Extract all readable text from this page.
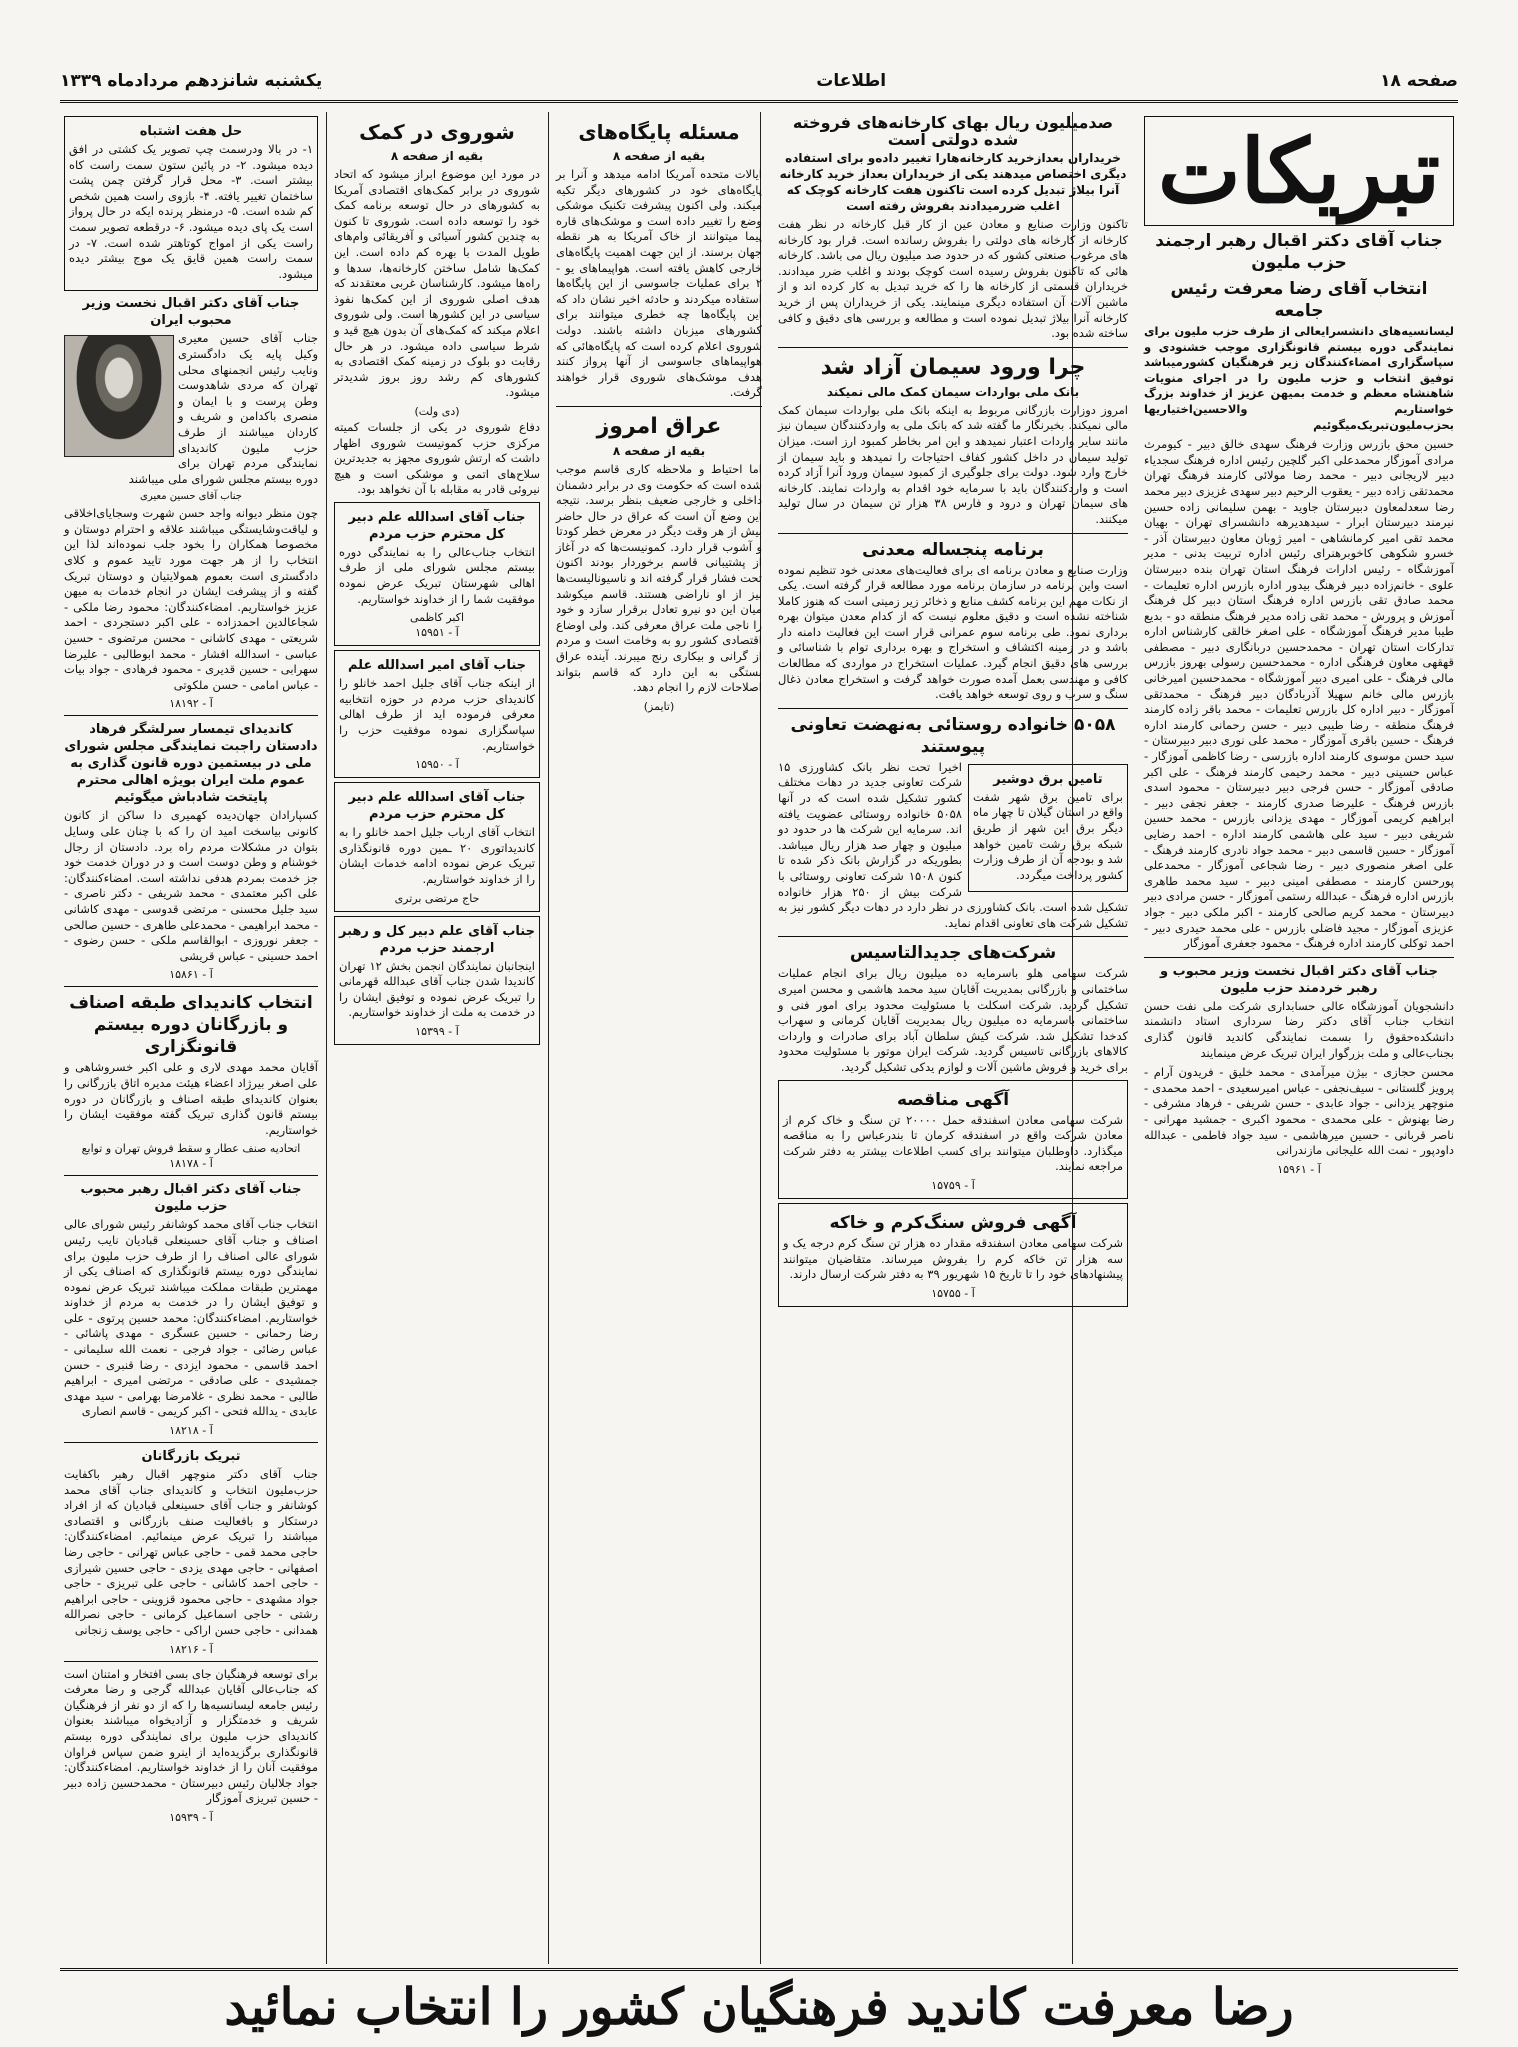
صفحه ۱۸
اطلاعات
یکشنبه شانزدهم مردادماه ۱۳۳۹
تبریکات

جناب آقای دکتر اقبال رهبر ارجمند حزب ملیون

انتخاب آقای رضا معرفت رئیس جامعه

لیسانسیه‌های دانشسرایعالی از طرف حزب ملیون برای نمایندگی دوره بیستم قانونگزاری موجب خشنودی و سپاسگزاری امضاءکنندگان زیر فرهنگیان کشورمیباشد توفیق انتخاب و حزب ملیون را در اجرای منویات شاهنشاه معظم و خدمت بمیهن عزیز از خداوند بزرگ خواستاریم والاحسین‌اختیاریها بحزب‌ملیون‌تبریک‌میگوئیم

حسین محق بازرس وزارت فرهنگ سهدی خالق دبیر - کیومرث مرادی آموزگار محمدعلی اکبر گلچین رئیس اداره فرهنگ سجدیاء دبیر لاریجانی دبیر - محمد رضا مولائی کارمند فرهنگ تهران محمدتقی زاده دبیر - یعقوب الرحیم دبیر سهدی غزیزی دبیر محمد رضا سعدلمعاون دبیرستان جاوید - بهمن سلیمانی زاده حسین نیرمند دبیرستان ابرار - سیدهدیرهه دانشسرای تهران - بهیان محمد تقی امیر کرمانشاهی - امیر ژوبان معاون دبیرستان آذر - خسرو شکوهی کاخوبرهنرای رئیس اداره تربیت بدنی - مدیر آموزشگاه - رئیس ادارات فرهنگ استان تهران بنده دبیرستان علوی - خانم‌زاده دبیر فرهنگ بیدور اداره بازرس اداره تعلیمات - محمد صادق تقی بازرس اداره فرهنگ استان دبیر کل فرهنگ آموزش و پرورش - محمد تقی زاده مدیر فرهنگ منطقه دو - بدیع طیبا مدیر فرهنگ آموزشگاه - علی اصغر خالقی کارشناس اداره تدارکات استان تهران - محمدحسین دربانگاری دبیر - مصطفی قهقهی معاون فرهنگی اداره - محمدحسین رسولی بهروز بازرس مالی فرهنگ - علی امیری دبیر آموزشگاه - محمدحسین امیرخانی بازرس مالی خانم سهیلا آذربادگان دبیر فرهنگ - محمدتقی آموزگار - دبیر اداره کل بازرس تعلیمات - محمد باقر زاده کارمند فرهنگ منطقه - رضا طیبی دبیر - حسن رحمانی کارمند اداره فرهنگ - حسین باقری آموزگار - محمد علی نوری دبیر دبیرستان - سید حسن موسوی کارمند اداره بازرسی - رضا کاظمی آموزگار - عباس حسینی دبیر - محمد رحیمی کارمند فرهنگ - علی اکبر صادقی آموزگار - حسن فرجی دبیر دبیرستان - محمود اسدی بازرس فرهنگ - علیرضا صدری کارمند - جعفر نجفی دبیر - ابراهیم کریمی آموزگار - مهدی یزدانی بازرس - محمد حسین شریفی دبیر - سید علی هاشمی کارمند اداره - احمد رضایی آموزگار - حسین قاسمی دبیر - محمد جواد نادری کارمند فرهنگ - علی اصغر منصوری دبیر - رضا شجاعی آموزگار - محمدعلی پورحسن کارمند - مصطفی امینی دبیر - سید محمد طاهری بازرس اداره فرهنگ - عبدالله رستمی آموزگار - حسن مرادی دبیر دبیرستان - محمد کریم صالحی کارمند - اکبر ملکی دبیر - جواد عزیزی آموزگار - مجید فاضلی بازرس - علی محمد حیدری دبیر - احمد توکلی کارمند اداره فرهنگ - محمود جعفری آموزگار

جناب آقای دکتر اقبال نخست وزیر محبوب و رهبر خردمند حزب ملیون

دانشجویان آموزشگاه عالی حسابداری شرکت ملی نفت حسن انتخاب جناب آقای دکتر رضا سرداری استاد دانشمند دانشکده‌حقوق را بسمت نمایندگی کاندید قانون گذاری بجناب‌عالی و ملت بزرگوار ایران تبریک عرض مینمایند

محسن حجازی - بیژن میرآمدی - محمد خلیق - فریدون آرام - پرویز گلستانی - سیف‌نجفی - عباس امیرسعیدی - احمد محمدی - منوچهر یزدانی - جواد عابدی - حسن شریفی - فرهاد مشرفی - رضا بهنوش - علی محمدی - محمود اکبری - جمشید مهرانی - ناصر قربانی - حسین میرهاشمی - سید جواد فاطمی - عبدالله داودپور - نمت الله علیجانی مازندرانی

آ - ۱۵۹۶۱

صدمیلیون ریال بهای کارخانه‌های فروخته شده دولتی است

خریداران بعدازخرید کارخانه‌هارا تغییر داده‌و برای استفاده دیگری اختصاص میدهند یکی از خریداران بعداز خرید کارخانه آنرا بیلاژ تبدیل کرده است تاکنون هفت کارخانه کوچک که اغلب ضررمیدادند بفروش رفته است

تاکنون وزارت صنایع و معادن عین از کار قبل کارخانه در نظر هفت کارخانه از کارخانه های دولتی را بفروش رسانده است. قرار بود کارخانه های مرغوب صنعتی کشور که در حدود صد میلیون ریال می باشد. کارخانه هائی که تاکنون بفروش رسیده است کوچک بودند و اغلب ضرر میدادند. خریداران قسمتی از کارخانه ها را که خرید تبدیل به کار کرده اند و از ماشین آلات آن استفاده دیگری مینمایند. یکی از خریداران پس از خرید کارخانه آنرا بیلاژ تبدیل نموده است و مطالعه و بررسی های دقیق و کافی ساخته شده بود.

چرا ورود سیمان آزاد شد

بانک ملی بواردات سیمان کمک مالی نمیکند

امروز دوزارت بازرگانی مربوط به اینکه بانک ملی بواردات سیمان کمک مالی نمیکند. بخبرنگار ما گفته شد که بانک ملی به واردکنندگان سیمان نیز مانند سایر واردات اعتبار نمیدهد و این امر بخاطر کمبود ارز است. میزان تولید سیمان در داخل کشور کفاف احتیاجات را نمیدهد و باید سیمان از خارج وارد شود. دولت برای جلوگیری از کمبود سیمان ورود آنرا آزاد کرده است و واردکنندگان باید با سرمایه خود اقدام به واردات نمایند. کارخانه های سیمان تهران و درود و فارس ۳۸ هزار تن سیمان در سال تولید میکنند.

برنامه پنجساله معدنی

وزارت صنایع و معادن برنامه ای برای فعالیت‌های معدنی خود تنظیم نموده است واین برنامه در سازمان برنامه مورد مطالعه قرار گرفته است. یکی از نکات مهم این برنامه کشف منابع و ذخائر زیر زمینی است که هنوز کاملا شناخته نشده است و دقیق معلوم نیست که از کدام معدن میتوان بهره برداری نمود. طی برنامه سوم عمرانی قرار است این فعالیت دامنه دار باشد و در زمینه اکتشاف و استخراج و بهره برداری توام با شناسائی و بررسی های دقیق انجام گیرد. عملیات استخراج در مواردی که مطالعات کافی و مهندسی بعمل آمده صورت خواهد گرفت و استخراج معادن ذغال سنگ و سرب و روی توسعه خواهد یافت.

۵۰۵۸ خانواده روستائی به‌نهضت تعاونی پیوستند

تامین برق دوشیر

برای تامین برق شهر شفت واقع در استان گیلان تا چهار ماه دیگر برق این شهر از طریق شبکه برق رشت تامین خواهد شد و بودجه آن از طرف وزارت کشور پرداخت میگردد.

اخیرا تحت نظر بانک کشاورزی ۱۵ شرکت تعاونی جدید در دهات مختلف کشور تشکیل شده است که در آنها ۵۰۵۸ خانواده روستائی عضویت یافته اند. سرمایه این شرکت ها در حدود دو میلیون و چهار صد هزار ریال میباشد. بطوریکه در گزارش بانک ذکر شده تا کنون ۱۵۰۸ شرکت تعاونی روستائی با شرکت بیش از ۲۵۰ هزار خانواده تشکیل شده است. بانک کشاورزی در نظر دارد در دهات دیگر کشور نیز به تشکیل شرکت های تعاونی اقدام نماید.

شرکت‌های جدیدالتاسیس

شرکت سهامی هلو باسرمایه ده میلیون ریال برای انجام عملیات ساختمانی و بازرگانی بمدیریت آقایان سید محمد هاشمی و محسن امیری تشکیل گردید. شرکت اسکلت با مسئولیت محدود برای امور فنی و ساختمانی باسرمایه ده میلیون ریال بمدیریت آقایان کرمانی و سهراب کدخدا تشکیل شد. شرکت کیش سلطان آباد برای صادرات و واردات کالاهای بازرگانی تاسیس گردید. شرکت ایران موتور با مسئولیت محدود برای خرید و فروش ماشین آلات و لوازم یدکی تشکیل گردید.

آگهی مناقصه

شرکت سهامی معادن اسفندقه حمل ۲۰۰۰۰ تن سنگ و خاک کرم از معادن شرکت واقع در اسفندقه کرمان تا بندرعباس را به مناقصه میگذارد. داوطلبان میتوانند برای کسب اطلاعات بیشتر به دفتر شرکت مراجعه نمایند.

آ - ۱۵۷۵۹

آگهی فروش سنگ‌کرم و خاکه

شرکت سهامی معادن اسفندقه مقدار ده هزار تن سنگ کرم درجه یک و سه هزار تن خاکه کرم را بفروش میرساند. متقاضیان میتوانند پیشنهادهای خود را تا تاریخ ۱۵ شهریور ۳۹ به دفتر شرکت ارسال دارند.

آ - ۱۵۷۵۵

مسئله پایگاه‌های

بقیه از صفحه ۸

ایالات متحده آمریکا ادامه میدهد و آنرا بر پایگاه‌های خود در کشورهای دیگر تکیه میکند. ولی اکنون پیشرفت تکنیک موشکی وضع را تغییر داده است و موشک‌های قاره پیما میتوانند از خاک آمریکا به هر نقطه جهان برسند. از این جهت اهمیت پایگاه‌های خارجی کاهش یافته است. هواپیماهای یو - ۲ برای عملیات جاسوسی از این پایگاه‌ها استفاده میکردند و حادثه اخیر نشان داد که این پایگاه‌ها چه خطری میتوانند برای کشورهای میزبان داشته باشند. دولت شوروی اعلام کرده است که پایگاه‌هائی که هواپیماهای جاسوسی از آنها پرواز کنند هدف موشک‌های شوروی قرار خواهند گرفت.

عراق امروز

بقیه از صفحه ۸

اما احتیاط و ملاحظه کاری قاسم موجب شده است که حکومت وی در برابر دشمنان داخلی و خارجی ضعیف بنظر برسد. نتیجه این وضع آن است که عراق در حال حاضر بیش از هر وقت دیگر در معرض خطر کودتا و آشوب قرار دارد. کمونیست‌ها که در آغاز از پشتیبانی قاسم برخوردار بودند اکنون تحت فشار قرار گرفته اند و ناسیونالیست‌ها نیز از او ناراضی هستند. قاسم میکوشد میان این دو نیرو تعادل برقرار سازد و خود را ناجی ملت عراق معرفی کند. ولی اوضاع اقتصادی کشور رو به وخامت است و مردم از گرانی و بیکاری رنج میبرند. آینده عراق بستگی به این دارد که قاسم بتواند اصلاحات لازم را انجام دهد.

(تایمز)

شوروی در کمک

بقیه از صفحه ۸

در مورد این موضوع ابراز میشود که اتحاد شوروی در برابر کمک‌های اقتصادی آمریکا به کشورهای در حال توسعه برنامه کمک خود را توسعه داده است. شوروی تا کنون به چندین کشور آسیائی و آفریقائی وام‌های طویل المدت با بهره کم داده است. این کمک‌ها شامل ساختن کارخانه‌ها، سدها و راه‌ها میشود. کارشناسان غربی معتقدند که هدف اصلی شوروی از این کمک‌ها نفوذ سیاسی در این کشورها است. ولی شوروی اعلام میکند که کمک‌های آن بدون هیچ قید و شرط سیاسی داده میشود. در هر حال رقابت دو بلوک در زمینه کمک اقتصادی به کشورهای کم رشد روز بروز شدیدتر میشود.

(دی ولت)

دفاع شوروی در یکی از جلسات کمیته مرکزی حزب کمونیست شوروی اظهار داشت که ارتش شوروی مجهز به جدیدترین سلاح‌های اتمی و موشکی است و هیچ نیروئی قادر به مقابله با آن نخواهد بود.

جناب آقای اسدالله علم دبیر کل محترم حزب مردم

انتخاب جناب‌عالی را به نمایندگی دوره بیستم مجلس شورای ملی از طرف اهالی شهرستان تبریک عرض نموده موفقیت شما را از خداوند خواستاریم.

اکبر کاظمی

آ - ۱۵۹۵۱

جناب آقای امیر اسدالله علم

از اینکه جناب آقای جلیل احمد خانلو را کاندیدای حزب مردم در حوزه انتخابیه معرفی فرموده اید از طرف اهالی سپاسگزاری نموده موفقیت حزب را خواستاریم.

آ - ۱۵۹۵۰

جناب آقای اسدالله علم دبیر کل محترم حزب مردم

انتخاب آقای ارباب جلیل احمد خانلو را به کاندیداتوری ۲۰ ـمین دوره قانونگذاری تبریک عرض نموده ادامه خدمات ایشان را از خداوند خواستاریم.

حاج مرتضی برتری

جناب آقای علم دبیر کل و رهبر ارجمند حزب مردم

اینجانبان نمایندگان انجمن بخش ۱۲ تهران کاندیدا شدن جناب آقای عبدالله قهرمانی را تبریک عرض نموده و توفیق ایشان را در خدمت به ملت از خداوند خواستاریم.

آ - ۱۵۳۹۹

حل هفت اشتباه

۱- در بالا ودرسمت چپ تصویر یک کشتی در افق دیده میشود. ۲- در پائین ستون سمت راست کاه بیشتر است. ۳- محل قرار گرفتن چمن پشت ساختمان تغییر یافته. ۴- بازوی راست همین شخص کم شده است. ۵- درمنظر پرنده ایکه در حال پرواز است یک پای دیده میشود. ۶- درقطعه تصویر سمت راست یکی از امواج کوتاهتر شده است. ۷- در سمت راست همین قایق یک موج بیشتر دیده میشود.

جناب آقای دکتر اقبال نخست وزیر محبوب ایران

جناب آقای حسین معیری وکیل پایه یک دادگستری ونایب رئیس انجمنهای محلی تهران که مردی شاهدوست وطن پرست و با ایمان و منصری باکدامن و شریف و کاردان میباشند از طرف حزب ملیون کاندیدای نمایندگی مردم تهران برای دوره بیستم مجلس شورای ملی میباشند

جناب آقای حسین معیری

چون منظر دیوانه واجد حسن شهرت وسجایای‌اخلاقی و لیاقت‌وشایستگی میباشند علاقه و احترام دوستان و مخصوصا همکاران را بخود جلب نموده‌اند لذا این انتخاب را از هر جهت مورد تایید عموم و کلای دادگستری است بعموم همولایتیان و دوستان تبریک گفته و از پیشرفت ایشان در انجام خدمات به میهن عزیز خواستاریم. امضاءکنندگان: محمود رضا ملکی - شجاعالدین احمدزاده - علی اکبر دستجردی - احمد شریعتی - مهدی کاشانی - محسن مرتضوی - حسین عباسی - اسدالله افشار - محمد ابوطالبی - علیرضا سهرابی - حسین قدیری - محمود فرهادی - جواد بیات - عباس امامی - حسن ملکوتی

آ - ۱۸۱۹۲

کاندیدای تیمسار سرلشگر فرهاد دادستان راجبت نمایندگی مجلس شورای ملی در بیستمین دوره قانون گذاری به عموم ملت ایران بویژه اهالی محترم پایتخت شادباش میگوئیم

کسپارادان جهان‌دیده کهمیری دا ساکن از کانون کانونی بیاسخت امید ان را که با چنان علی وسایل بتوان در مشکلات مردم راه برد. دادستان از رجال خوشنام و وطن دوست است و در دوران خدمت خود جز خدمت بمردم هدفی نداشته است. امضاءکنندگان: علی اکبر معتمدی - محمد شریفی - دکتر ناصری - سید جلیل محسنی - مرتضی قدوسی - مهدی کاشانی - محمد ابراهیمی - محمدعلی طاهری - حسین صالحی - جعفر نوروزی - ابوالقاسم ملکی - حسن رضوی - احمد حسینی - عباس قریشی

آ - ۱۵۸۶۱

انتخاب کاندیدای طبقه اصناف و بازرگانان دوره بیستم قانونگزاری

آقایان محمد مهدی لاری و علی اکبر خسروشاهی و علی اصغر بیرژاد اعضاء هیئت مدیره اتاق بازرگانی را بعنوان کاندیدای طبقه اصناف و بازرگانان در دوره بیستم قانون گذاری تبریک گفته موفقیت ایشان را خواستاریم.

اتحادیه صنف عطار و سقط فروش تهران و توابع

آ - ۱۸۱۷۸

جناب آقای دکتر اقبال رهبر محبوب حزب ملیون

انتخاب جناب آقای محمد کوشانفر رئیس شورای عالی اصناف و جناب آقای حسینعلی قبادیان نایب رئیس شورای عالی اصناف را از طرف حزب ملیون برای نمایندگی دوره بیستم قانونگذاری که اصناف یکی از مهمترین طبقات مملکت میباشند تبریک عرض نموده و توفیق ایشان را در خدمت به مردم از خداوند خواستاریم. امضاءکنندگان: محمد حسین پرتوی - علی رضا رحمانی - حسین عسگری - مهدی پاشائی - عباس رضائی - جواد فرجی - نعمت الله سلیمانی - احمد قاسمی - محمود ایزدی - رضا قنبری - حسن جمشیدی - علی صادقی - مرتضی امیری - ابراهیم طالبی - محمد نظری - غلامرضا بهرامی - سید مهدی عابدی - یدالله فتحی - اکبر کریمی - قاسم انصاری

آ - ۱۸۲۱۸

تبریک بازرگانان

جناب آقای دکتر منوچهر اقبال رهبر باکفایت حزب‌ملیون انتخاب و کاندیدای جناب آقای محمد کوشانفر و جناب آقای حسینعلی قبادیان که از افراد درستکار و بافعالیت صنف بازرگانی و اقتصادی میباشند را تبریک عرض مینمائیم. امضاءکنندگان: حاجی محمد قمی - حاجی عباس تهرانی - حاجی رضا اصفهانی - حاجی مهدی یزدی - حاجی حسین شیرازی - حاجی احمد کاشانی - حاجی علی تبریزی - حاجی جواد مشهدی - حاجی محمود قزوینی - حاجی ابراهیم رشتی - حاجی اسماعیل کرمانی - حاجی نصرالله همدانی - حاجی حسن اراکی - حاجی یوسف زنجانی

آ - ۱۸۲۱۶

برای توسعه فرهنگیان جای بسی افتخار و امتنان است که جناب‌عالی آقایان عبدالله گرجی و رضا معرفت رئیس جامعه لیسانسیه‌ها را که از دو نفر از فرهنگیان شریف و خدمتگزار و آزادیخواه میباشند بعنوان کاندیدای حزب ملیون برای نمایندگی دوره بیستم قانونگذاری برگزیده‌اید از اینرو ضمن سپاس فراوان موفقیت آنان را از خداوند خواستاریم. امضاءکنندگان: جواد جلالیان رئیس دبیرستان - محمدحسین زاده دبیر - حسین تبریزی آموزگار

آ - ۱۵۹۳۹

رضا معرفت کاندید فرهنگیان کشور را انتخاب نمائید
